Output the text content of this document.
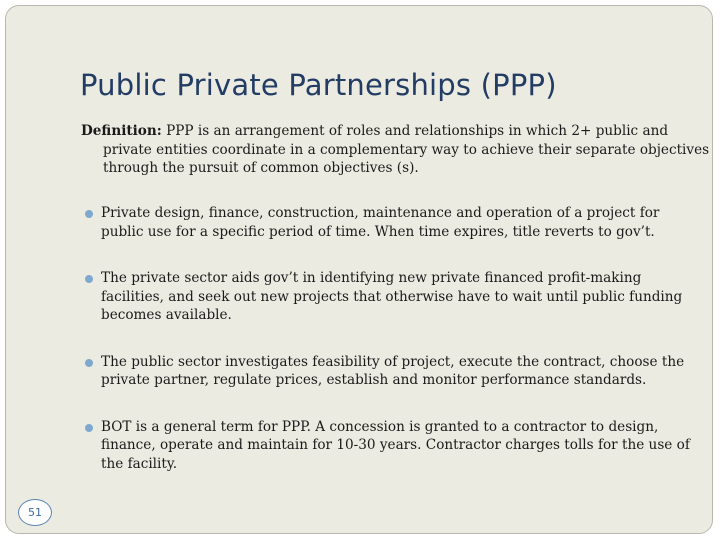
Public Private Partnerships (PPP)

Definition: PPP is an arrangement of roles and relationships in which 2+ public and private entities coordinate in a complementary way to achieve their separate objectives through the pursuit of common objectives (s).

Private design, finance, construction, maintenance and operation of a project for public use for a specific period of time. When time expires, title reverts to gov’t.
The private sector aids gov’t in identifying new private financed profit-making facilities, and seek out new projects that otherwise have to wait until public funding becomes available.
The public sector investigates feasibility of project, execute the contract, choose the private partner, regulate prices, establish and monitor performance standards.
BOT is a general term for PPP. A concession is granted to a contractor to design, finance, operate and maintain for 10-30 years. Contractor charges tolls for the use of the facility.
51
